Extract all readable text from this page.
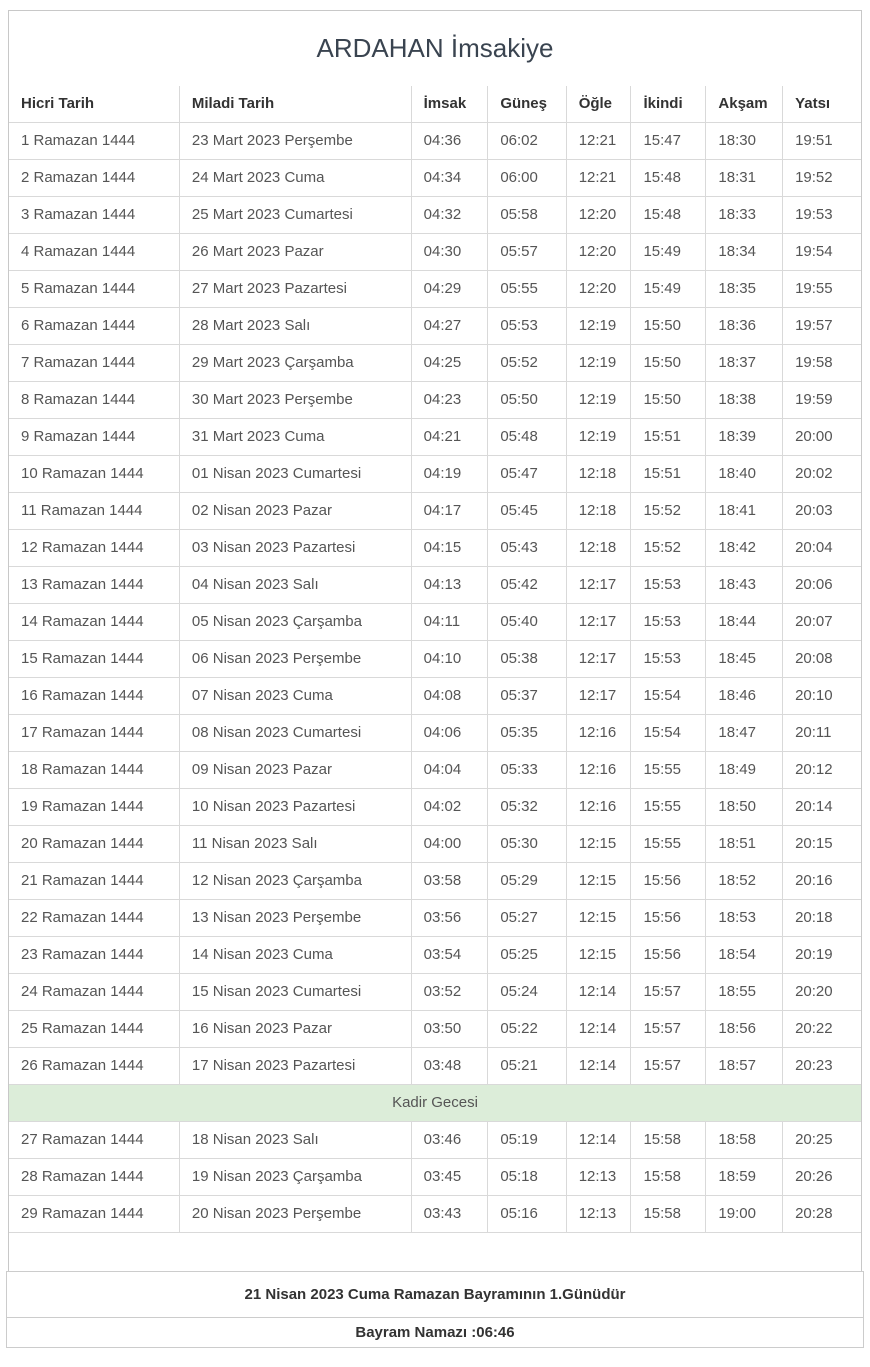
ARDAHAN İmsakiye
Hicri Tarih	Miladi Tarih	İmsak	Güneş	Öğle	İkindi	Akşam	Yatsı
1 Ramazan 1444	23 Mart 2023 Perşembe	04:36	06:02	12:21	15:47	18:30	19:51
2 Ramazan 1444	24 Mart 2023 Cuma	04:34	06:00	12:21	15:48	18:31	19:52
3 Ramazan 1444	25 Mart 2023 Cumartesi	04:32	05:58	12:20	15:48	18:33	19:53
4 Ramazan 1444	26 Mart 2023 Pazar	04:30	05:57	12:20	15:49	18:34	19:54
5 Ramazan 1444	27 Mart 2023 Pazartesi	04:29	05:55	12:20	15:49	18:35	19:55
6 Ramazan 1444	28 Mart 2023 Salı	04:27	05:53	12:19	15:50	18:36	19:57
7 Ramazan 1444	29 Mart 2023 Çarşamba	04:25	05:52	12:19	15:50	18:37	19:58
8 Ramazan 1444	30 Mart 2023 Perşembe	04:23	05:50	12:19	15:50	18:38	19:59
9 Ramazan 1444	31 Mart 2023 Cuma	04:21	05:48	12:19	15:51	18:39	20:00
10 Ramazan 1444	01 Nisan 2023 Cumartesi	04:19	05:47	12:18	15:51	18:40	20:02
11 Ramazan 1444	02 Nisan 2023 Pazar	04:17	05:45	12:18	15:52	18:41	20:03
12 Ramazan 1444	03 Nisan 2023 Pazartesi	04:15	05:43	12:18	15:52	18:42	20:04
13 Ramazan 1444	04 Nisan 2023 Salı	04:13	05:42	12:17	15:53	18:43	20:06
14 Ramazan 1444	05 Nisan 2023 Çarşamba	04:11	05:40	12:17	15:53	18:44	20:07
15 Ramazan 1444	06 Nisan 2023 Perşembe	04:10	05:38	12:17	15:53	18:45	20:08
16 Ramazan 1444	07 Nisan 2023 Cuma	04:08	05:37	12:17	15:54	18:46	20:10
17 Ramazan 1444	08 Nisan 2023 Cumartesi	04:06	05:35	12:16	15:54	18:47	20:11
18 Ramazan 1444	09 Nisan 2023 Pazar	04:04	05:33	12:16	15:55	18:49	20:12
19 Ramazan 1444	10 Nisan 2023 Pazartesi	04:02	05:32	12:16	15:55	18:50	20:14
20 Ramazan 1444	11 Nisan 2023 Salı	04:00	05:30	12:15	15:55	18:51	20:15
21 Ramazan 1444	12 Nisan 2023 Çarşamba	03:58	05:29	12:15	15:56	18:52	20:16
22 Ramazan 1444	13 Nisan 2023 Perşembe	03:56	05:27	12:15	15:56	18:53	20:18
23 Ramazan 1444	14 Nisan 2023 Cuma	03:54	05:25	12:15	15:56	18:54	20:19
24 Ramazan 1444	15 Nisan 2023 Cumartesi	03:52	05:24	12:14	15:57	18:55	20:20
25 Ramazan 1444	16 Nisan 2023 Pazar	03:50	05:22	12:14	15:57	18:56	20:22
26 Ramazan 1444	17 Nisan 2023 Pazartesi	03:48	05:21	12:14	15:57	18:57	20:23
Kadir Gecesi							
27 Ramazan 1444	18 Nisan 2023 Salı	03:46	05:19	12:14	15:58	18:58	20:25
28 Ramazan 1444	19 Nisan 2023 Çarşamba	03:45	05:18	12:13	15:58	18:59	20:26
29 Ramazan 1444	20 Nisan 2023 Perşembe	03:43	05:16	12:13	15:58	19:00	20:28
21 Nisan 2023 Cuma Ramazan Bayramının 1.Günüdür
Bayram Namazı :06:46
